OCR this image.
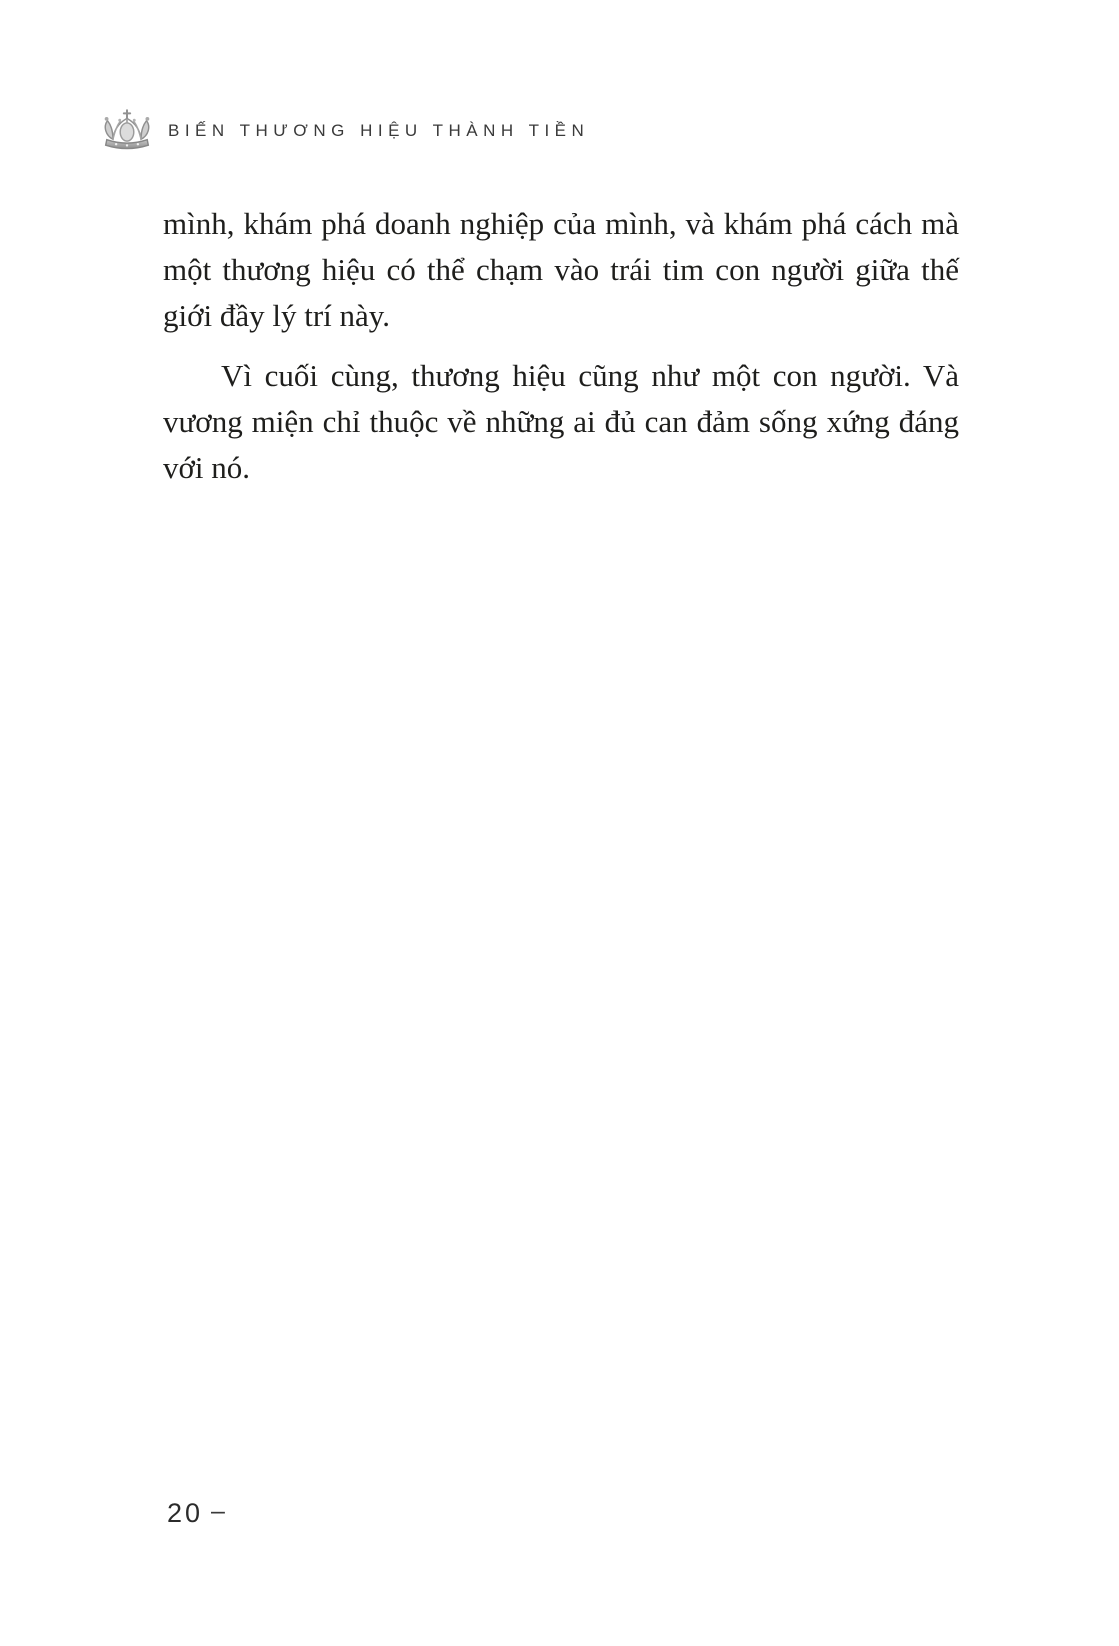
BIẾN THƯƠNG HIỆU THÀNH TIỀN

mình, khám phá doanh nghiệp của mình, và khám phá cách mà một thương hiệu có thể chạm vào trái tim con người giữa thế giới đầy lý trí này.

Vì cuối cùng, thương hiệu cũng như một con người. Và vương miện chỉ thuộc về những ai đủ can đảm sống xứng đáng với nó.

20 –
